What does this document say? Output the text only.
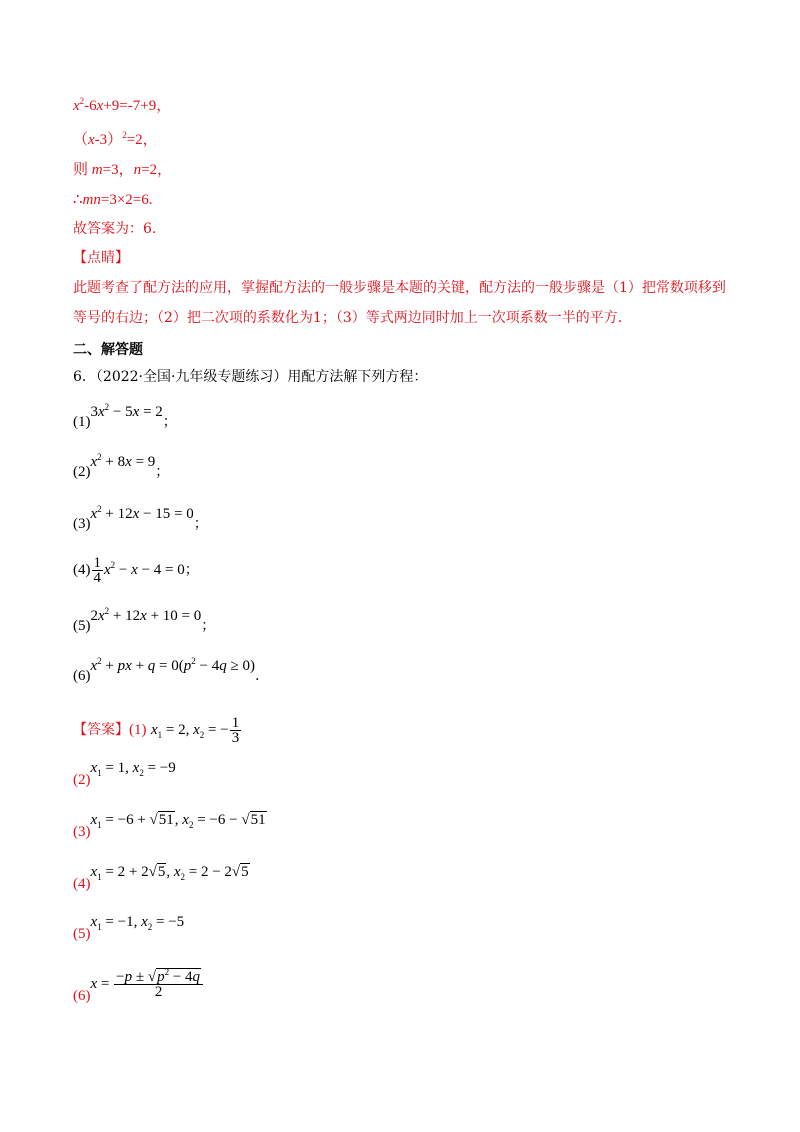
$x^2-6x+9=-7+9$，
$(x-3)^2=2$，
则 m=3，n=2，
∴mn=3×2=6.
故答案为：6.
【点睛】
此题考查了配方法的应用，掌握配方法的一般步骤是本题的关键，配方法的一般步骤是（1）把常数项移到等号的右边；（2）把二次项的系数化为1；（3）等式两边同时加上一次项系数一半的平方.
二、解答题
6．（2022·全国·九年级专题练习）用配方法解下列方程：
$(1)3x^2 - 5x = 2$；
$(2)x^2 + 8x = 9$；
$(3)x^2 + 12x - 15 = 0$；
$(4) \frac{1}{4} x^2 - x - 4 = 0$；
$(5)2x^2 + 12x + 10 = 0$；
$(6)x^2$ + px + $q = 0(p^2 - 4q \ge 0)$.
【答案】(1) $x_1 = 2$, $x_2$ = − $\frac{1}{3}$
$(2)x_1 = 1$, $x_2 = -9$
$(3)x_1 = -6 + √51$, $x_2 = -6 - √51$
$(4)x_1 = 2 + 2√5$, $x_2 = 2 - 2√5$
$(5)x_1 = -1$, $x_2 = -5$
$(6)x = \frac{-p \pm √p^2 - 4q}{2}$
